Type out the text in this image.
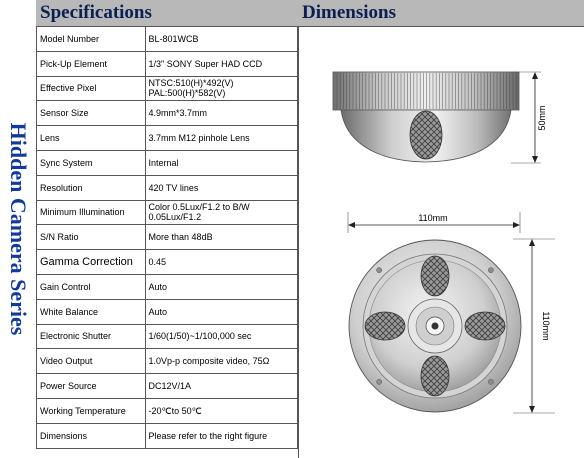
Hidden Camera Series
Specifications	Dimensions
Model Number	BL-801WCB
Pick-Up Element	1/3" SONY Super HAD CCD
Effective Pixel	NTSC:510(H)*492(V)
PAL:500(H)*582(V)
Sensor Size	4.9mm*3.7mm
Lens	3.7mm M12 pinhole Lens
Sync System	Internal
Resolution	420 TV lines
Minimum Illumination	Color 0.5Lux/F1.2 to B/W
0.05Lux/F1.2
S/N Ratio	More than 48dB
Gamma Correction	0.45
Gain Control	Auto
White Balance	Auto
Electronic Shutter	1/60(1/50)~1/100,000 sec
Video Output	1.0Vp-p composite video, 75Ω
Power Source	DC12V/1A
Working Temperature	-20℃to 50℃
Dimensions	Please refer to the right figure
50mm
110mm
110mm
